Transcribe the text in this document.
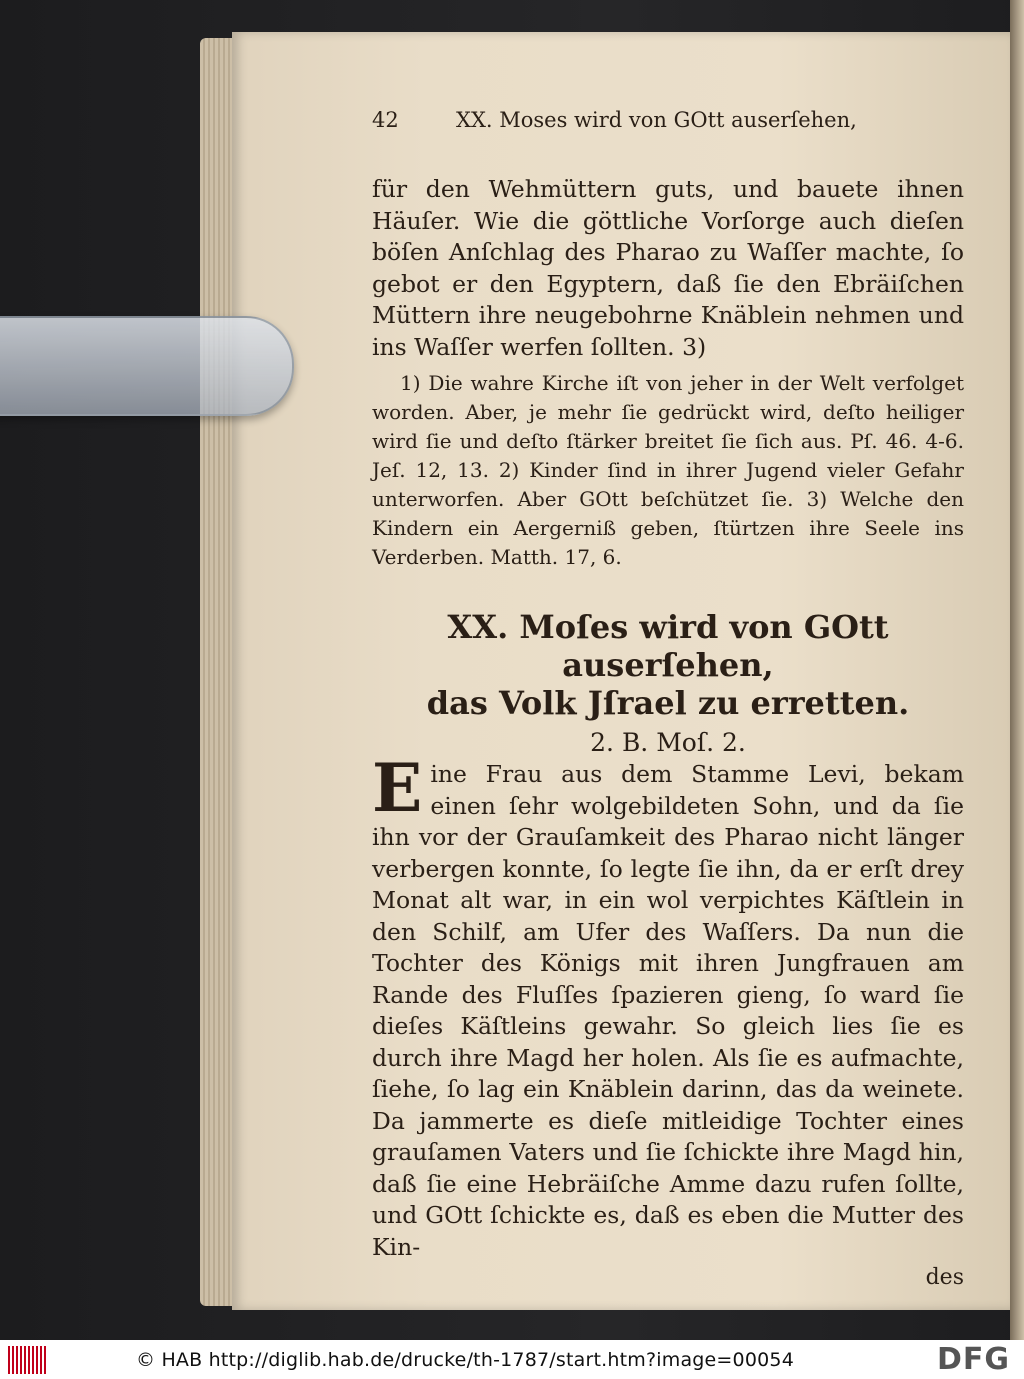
42	XX. Moses wird von GOtt auserſehen,

für den Wehmüttern guts, und bauete ihnen Häuſer. Wie die göttliche Vorſorge auch dieſen böſen Anſchlag des Pharao zu Waſſer machte, ſo gebot er den Egyptern, daß ſie den Ebräiſchen Müttern ihre neugebohrne Knäblein nehmen und ins Waſſer werfen ſollten. 3)

1) Die wahre Kirche iſt von jeher in der Welt verfolget worden. Aber, je mehr ſie gedrückt wird, deſto heiliger wird ſie und deſto ſtärker breitet ſie ſich aus. Pſ. 46. 4-6. Jeſ. 12, 13. 2) Kinder ſind in ihrer Jugend vieler Gefahr unterworfen. Aber GOtt beſchützet ſie. 3) Welche den Kindern ein Aergerniß geben, ſtürtzen ihre Seele ins Verderben. Matth. 17, 6.

XX. Moſes wird von GOtt auserſehen,
das Volk Jſrael zu erretten.
2. B. Moſ. 2.

Eine Frau aus dem Stamme Levi, bekam einen ſehr wolgebildeten Sohn, und da ſie ihn vor der Grauſamkeit des Pharao nicht länger verbergen konnte, ſo legte ſie ihn, da er erſt drey Monat alt war, in ein wol verpichtes Käſtlein in den Schilf, am Ufer des Waſſers. Da nun die Tochter des Königs mit ihren Jungfrauen am Rande des Fluſſes ſpazieren gieng, ſo ward ſie dieſes Käſtleins gewahr. So gleich lies ſie es durch ihre Magd her holen. Als ſie es aufmachte, ſiehe, ſo lag ein Knäblein darinn, das da weinete. Da jammerte es dieſe mitleidige Tochter eines grauſamen Vaters und ſie ſchickte ihre Magd hin, daß ſie eine Hebräiſche Amme dazu rufen ſollte, und GOtt ſchickte es, daß es eben die Mutter des Kin-

des
© HAB http://diglib.hab.de/drucke/th-1787/start.htm?image=00054	DFG
